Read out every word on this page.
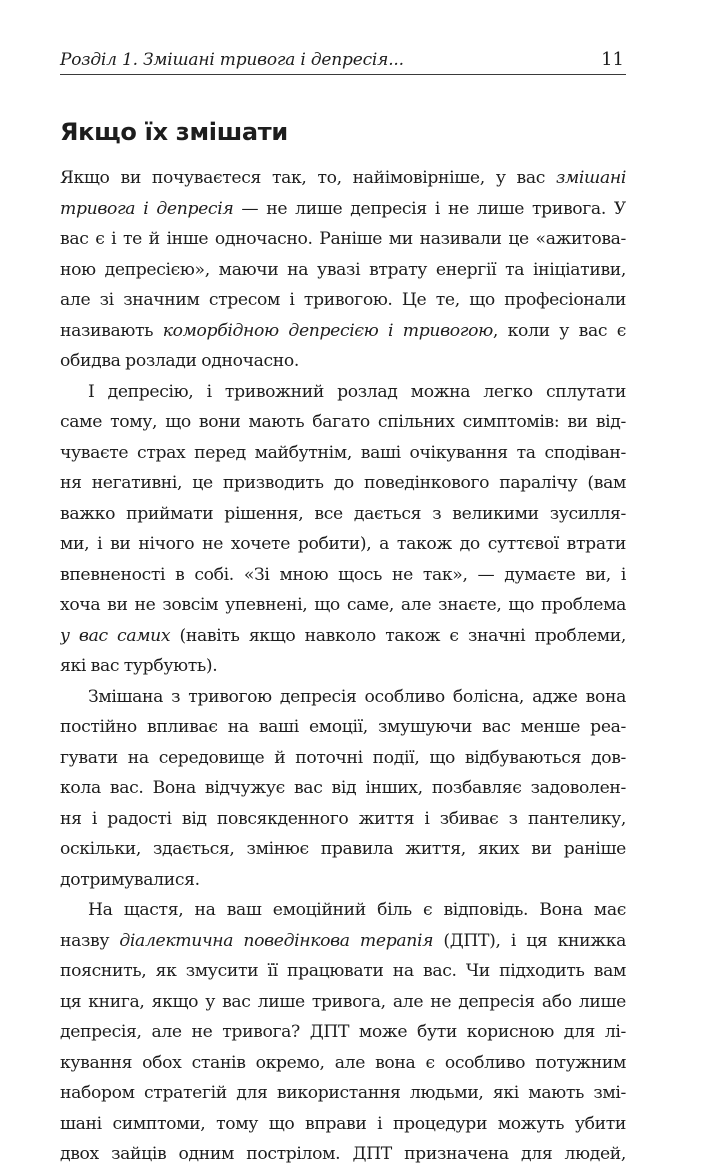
Розділ 1. Змішані тривога і депресія...	11
Якщо їх змішати
Якщо ви почуваєтеся так, то, найімовірніше, у вас змішані
тривога і депресія — не лише депресія і не лише тривога. У
вас є і те й інше одночасно. Раніше ми називали це «ажитова-
ною депресією», маючи на увазі втрату енергії та ініціативи,
але зі значним стресом і тривогою. Це те, що професіонали
називають коморбідною депресією і тривогою, коли у вас є
обидва розлади одночасно.
І депресію, і тривожний розлад можна легко сплутати
саме тому, що вони мають багато спільних симптомів: ви від-
чуваєте страх перед майбутнім, ваші очікування та сподіван-
ня негативні, це призводить до поведінкового паралічу (вам
важко приймати рішення, все дається з великими зусилля-
ми, і ви нічого не хочете робити), а також до суттєвої втрати
впевненості в собі. «Зі мною щось не так», — думаєте ви, і
хоча ви не зовсім упевнені, що саме, але знаєте, що проблема
у вас самих (навіть якщо навколо також є значні проблеми,
які вас турбують).
Змішана з тривогою депресія особливо болісна, адже вона
постійно впливає на ваші емоції, змушуючи вас менше реа-
гувати на середовище й поточні події, що відбуваються дов-
кола вас. Вона відчужує вас від інших, позбавляє задоволен-
ня і радості від повсякденного життя і збиває з пантелику,
оскільки, здається, змінює правила життя, яких ви раніше
дотримувалися.
На щастя, на ваш емоційний біль є відповідь. Вона має
назву діалектична поведінкова терапія (ДПТ), і ця книжка
пояснить, як змусити її працювати на вас. Чи підходить вам
ця книга, якщо у вас лише тривога, але не депресія або лише
депресія, але не тривога? ДПТ може бути корисною для лі-
кування обох станів окремо, але вона є особливо потужним
набором стратегій для використання людьми, які мають змі-
шані симптоми, тому що вправи і процедури можуть убити
двох зайців одним пострілом. ДПТ призначена для людей,
